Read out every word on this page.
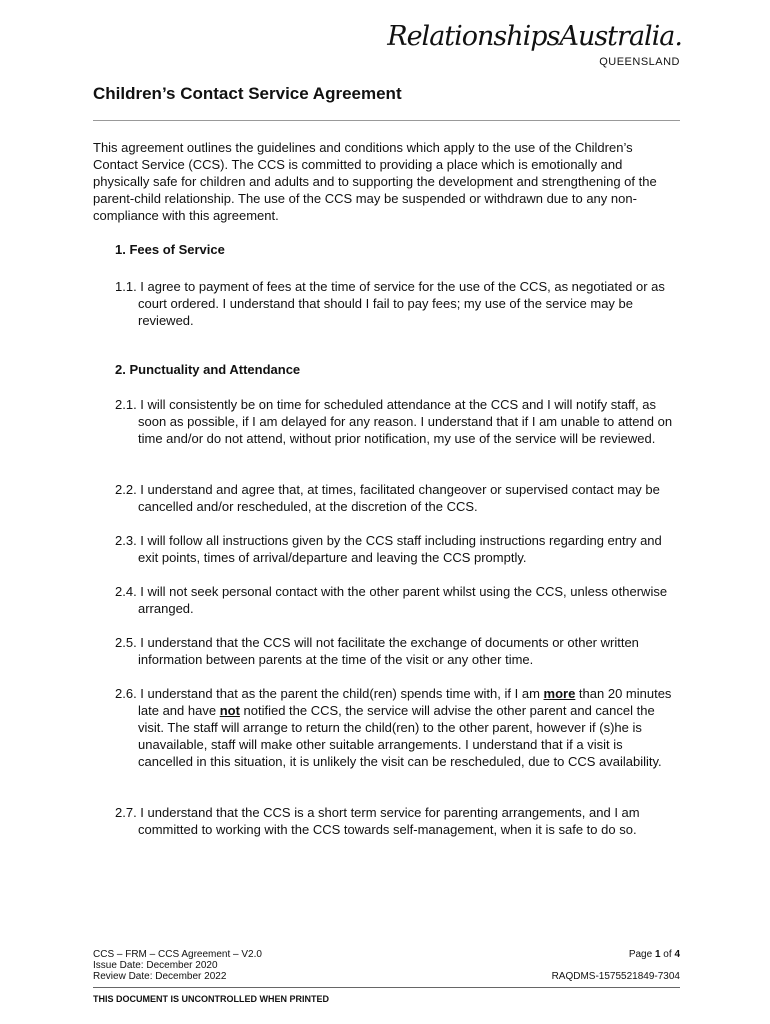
RelationshipsAustralia.
QUEENSLAND
Children’s Contact Service Agreement
This agreement outlines the guidelines and conditions which apply to the use of the Children’s Contact Service (CCS). The CCS is committed to providing a place which is emotionally and physically safe for children and adults and to supporting the development and strengthening of the parent-child relationship. The use of the CCS may be suspended or withdrawn due to any non-compliance with this agreement.
1. Fees of Service
1.1. I agree to payment of fees at the time of service for the use of the CCS, as negotiated or as court ordered. I understand that should I fail to pay fees; my use of the service may be reviewed.
2. Punctuality and Attendance
2.1. I will consistently be on time for scheduled attendance at the CCS and I will notify staff, as soon as possible, if I am delayed for any reason. I understand that if I am unable to attend on time and/or do not attend, without prior notification, my use of the service will be reviewed.
2.2. I understand and agree that, at times, facilitated changeover or supervised contact may be cancelled and/or rescheduled, at the discretion of the CCS.
2.3. I will follow all instructions given by the CCS staff including instructions regarding entry and exit points, times of arrival/departure and leaving the CCS promptly.
2.4. I will not seek personal contact with the other parent whilst using the CCS, unless otherwise arranged.
2.5. I understand that the CCS will not facilitate the exchange of documents or other written information between parents at the time of the visit or any other time.
2.6. I understand that as the parent the child(ren) spends time with, if I am more than 20 minutes late and have not notified the CCS, the service will advise the other parent and cancel the visit. The staff will arrange to return the child(ren) to the other parent, however if (s)he is unavailable, staff will make other suitable arrangements. I understand that if a visit is cancelled in this situation, it is unlikely the visit can be rescheduled, due to CCS availability.
2.7. I understand that the CCS is a short term service for parenting arrangements, and I am committed to working with the CCS towards self-management, when it is safe to do so.
CCS – FRM – CCS Agreement – V2.0
Issue Date: December 2020
Review Date: December 2022
Page 1 of 4
RAQDMS-1575521849-7304
THIS DOCUMENT IS UNCONTROLLED WHEN PRINTED
